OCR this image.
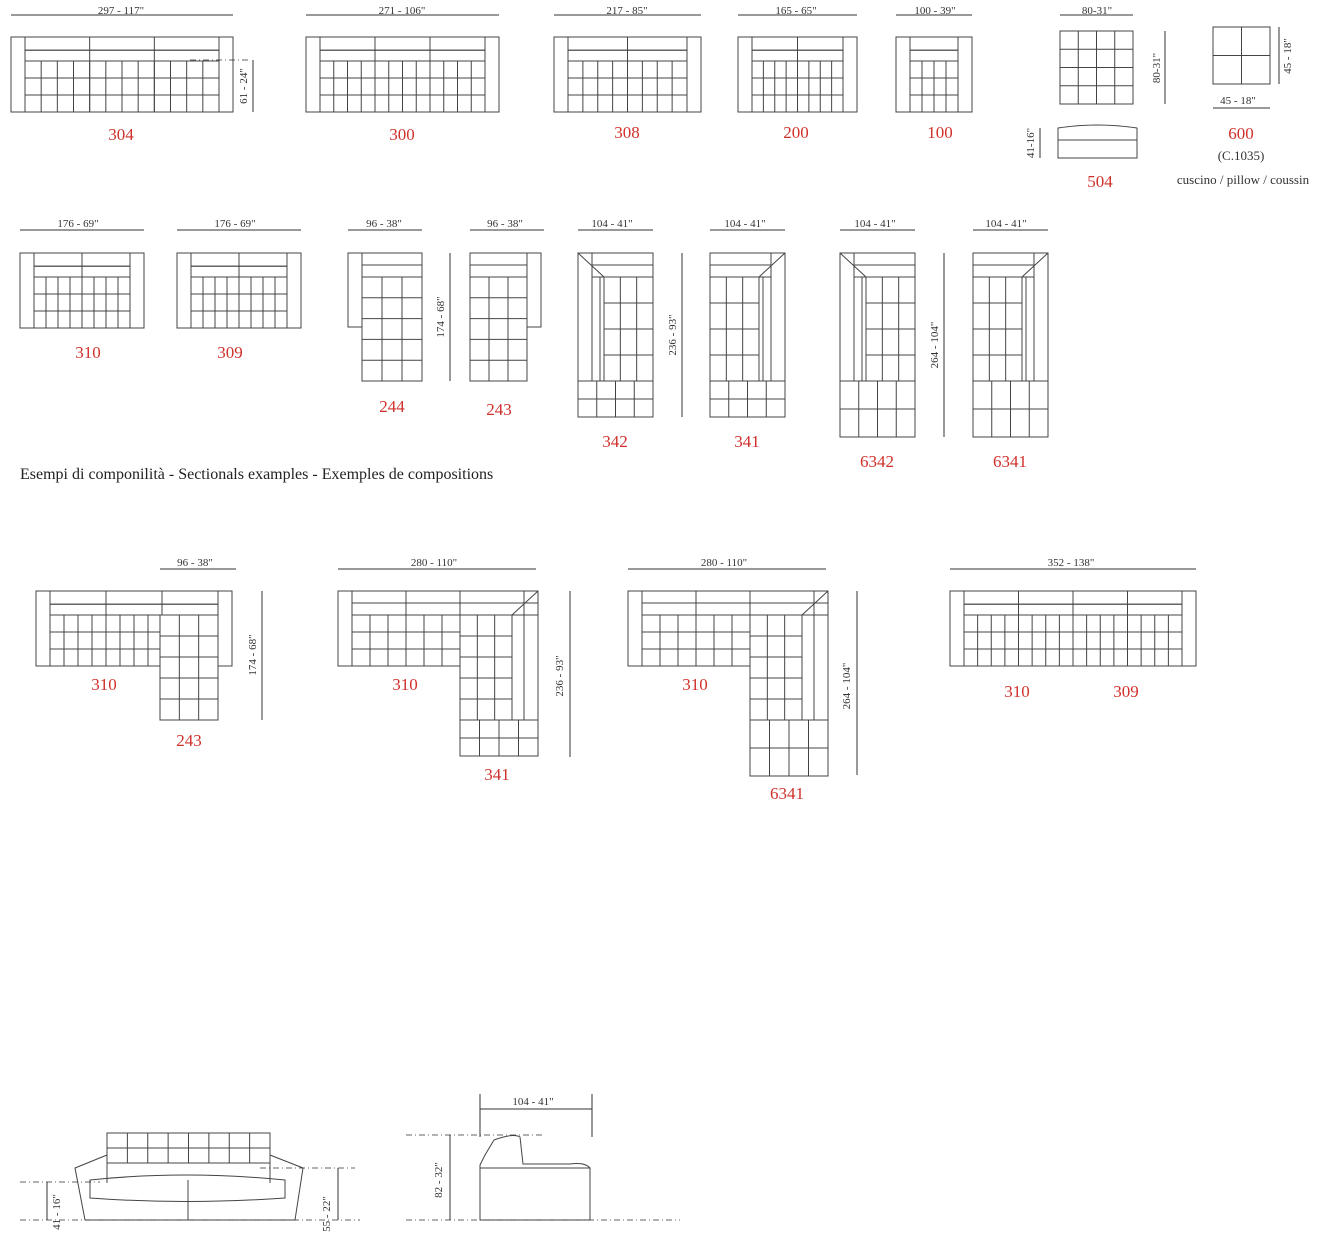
297 - 117"
304
61 - 24"
271 - 106"
300
217 - 85"
308
165 - 65"
200
100 - 39"
100
80-31"
80-31"
41-16"
504
45 - 18"
45 - 18"
600
(C.1035)
cuscino / pillow / coussin
176 - 69"
310
176 - 69"
309
96 - 38"
174 - 68"
244
96 - 38"
243
104 - 41"
236 - 93"
342
104 - 41"
341
104 - 41"
264 - 104"
6342
104 - 41"
6341
Esempi di componilità - Sectionals examples - Exemples de compositions
96 - 38"
174 - 68"
310
243
280 - 110"
236 - 93"
310
341
280 - 110"
264 - 104"
310
6341
352 - 138"
310	309
41 - 16"	55 - 22"
104 - 41"
82 - 32"
